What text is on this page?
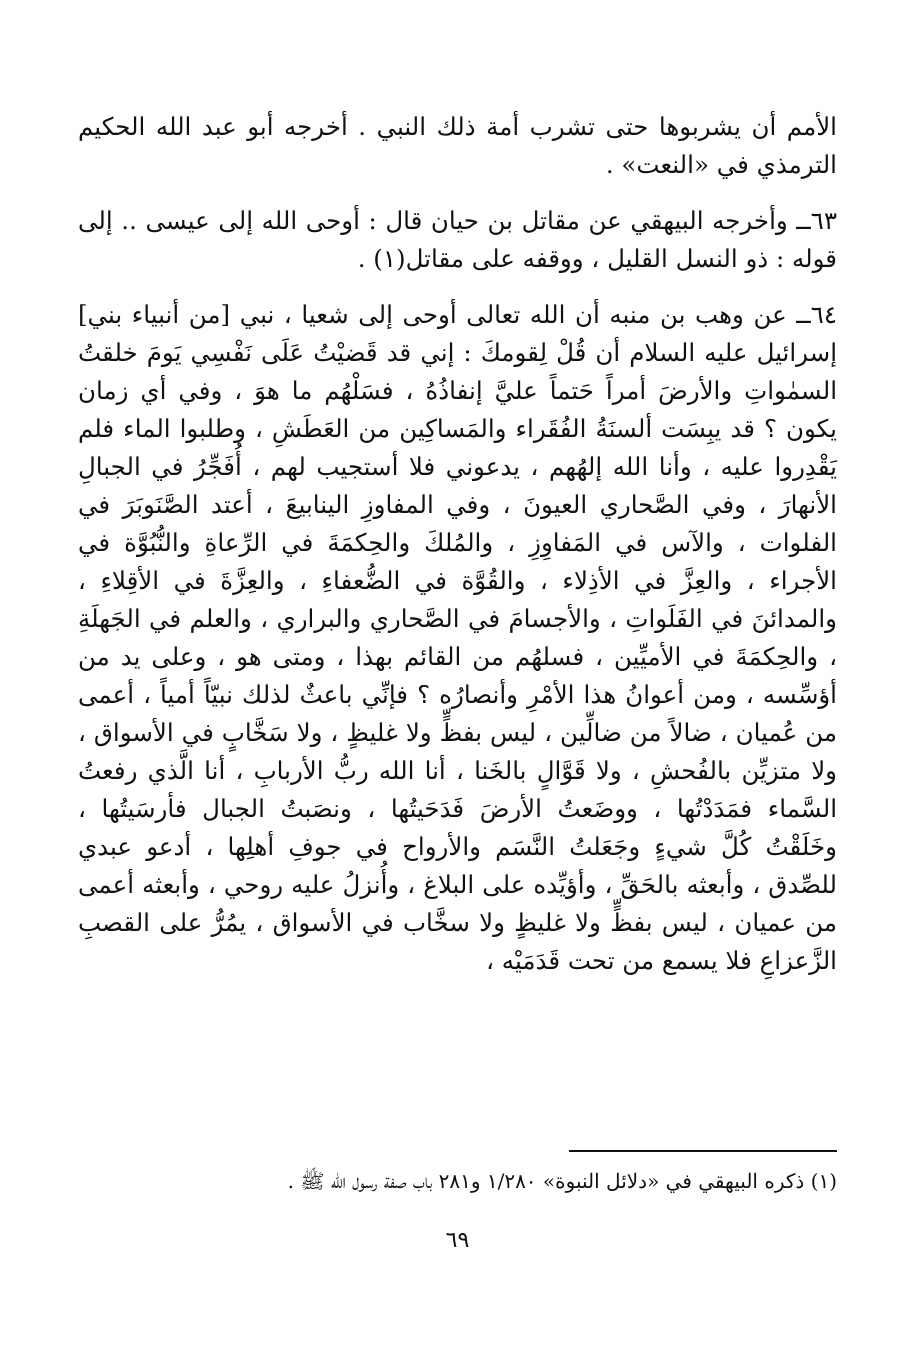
الأمم أن يشربوها حتى تشرب أمة ذلك النبي . أخرجه أبو عبد الله الحكيم الترمذي في «النعت» .

٦٣ــ وأخرجه البيهقي عن مقاتل بن حيان قال : أوحى الله إلى عيسى .. إلى قوله : ذو النسل القليل ، ووقفه على مقاتل(١) .

٦٤ــ عن وهب بن منبه أن الله تعالى أوحى إلى شعيا ، نبي [من أنبياء بني] إسرائيل عليه السلام أن قُلْ لِقومكَ : إني قد قَضيْتُ عَلَى نَفْسِي يَومَ خلقتُ السمٰواتِ والأرضَ أمراً حَتماً عليَّ إنفاذُهُ ، فسَلْهُم ما هوَ ، وفي أي زمان يكون ؟ قد يبِسَت ألسنَةُ الفُقَراء والمَساكِين من العَطَشِ ، وطلبوا الماء فلم يَقْدِروا عليه ، وأنا الله إلهُهم ، يدعوني فلا أستجيب لهم ، أُفَجِّرُ في الجبالِ الأنهارَ ، وفي الصَّحاري العيونَ ، وفي المفاوزِ الينابيعَ ، أعتد الصَّنَوبَرَ في الفلوات ، والآس في المَفاوِزِ ، والمُلكَ والحِكمَةَ في الرِّعاةِ والنُّبُوَّة في الأجراء ، والعِزَّ في الأذِلاء ، والقُوَّة في الضُّعفاءِ ، والعِزَّةَ في الأقِلاءِ ، والمدائنَ في الفَلَواتِ ، والأجسامَ في الصَّحاري والبراري ، والعلم في الجَهلَةِ ، والحِكمَةَ في الأميِّين ، فسلهُم من القائم بهذا ، ومتى هو ، وعلى يد من أؤسِّسه ، ومن أعوانُ هذا الأمْرِ وأنصارُه ؟ فإنِّي باعثٌ لذلك نبيّاً أمياً ، أعمى من عُميان ، ضالاً من ضالِّين ، ليس بفظٍّ ولا غليظٍ ، ولا سَخَّابٍ في الأسواق ، ولا متزيِّن بالفُحشِ ، ولا قَوَّالٍ بالخَنا ، أنا الله ربُّ الأربابِ ، أنا الَّذي رفعتُ السَّماء فمَدَدْتُها ، ووضَعتُ الأرضَ فَدَحَيتُها ، ونصَبتُ الجبال فأرسَيتُها ، وخَلَقْتُ كُلَّ شيءٍ وجَعَلتُ النَّسَم والأرواح في جوفِ أهلِها ، أدعو عبدي للصِّدق ، وأبعثه بالحَقِّ ، وأؤيِّده على البلاغ ، وأُنزلُ عليه روحي ، وأبعثه أعمى من عميان ، ليس بفظٍّ ولا غليظٍ ولا سخَّاب في الأسواق ، يمُرُّ على القصبِ الزَّعزاعِ فلا يسمع من تحت قَدَمَيْه ،

(١) ذكره البيهقي في «دلائل النبوة» ١/٢٨٠ و٢٨١ باب صفة رسول الله ﷺ .
٦٩
